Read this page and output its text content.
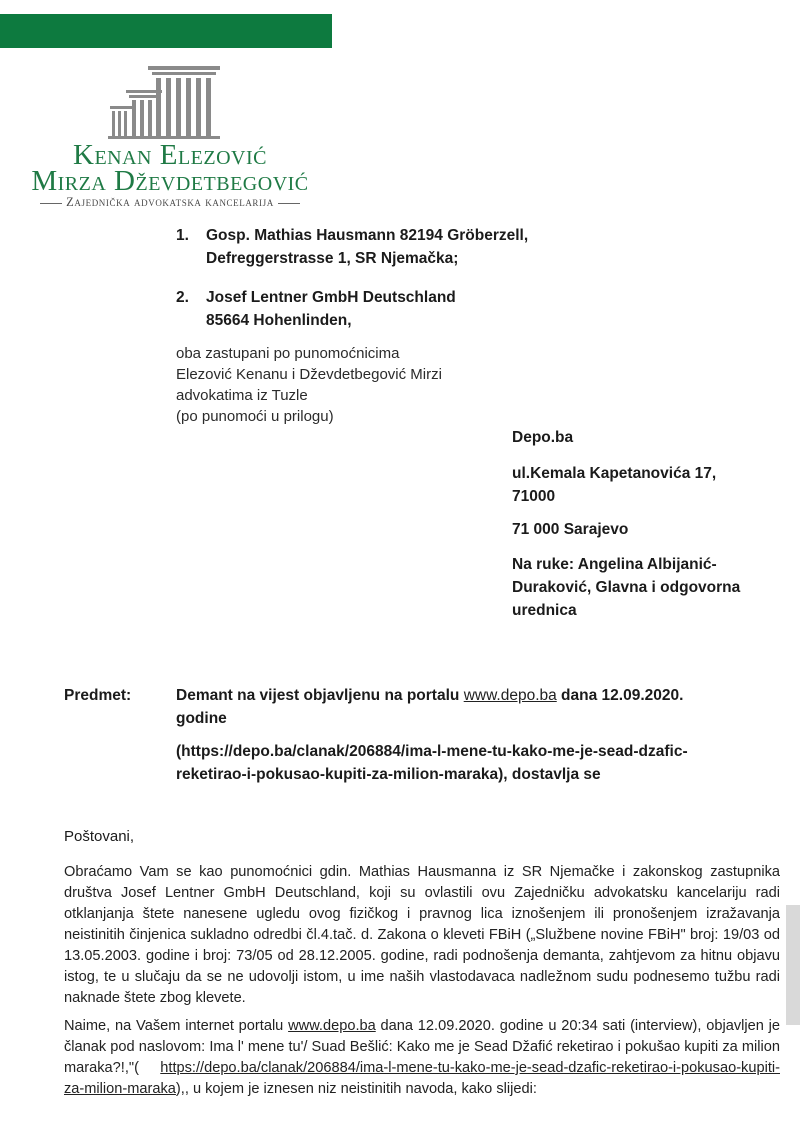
Kenan Elezović
Mirza Dževdetbegović
Zajednička advokatska kancelarija
1. Gosp. Mathias Hausmann 82194 Gröberzell,
Defreggerstrasse 1, SR Njemačka;
2. Josef Lentner GmbH Deutschland
85664 Hohenlinden,
oba zastupani po punomoćnicima
Elezović Kenanu i Dževdetbegović Mirzi
advokatima iz Tuzle
(po punomoći u prilogu)
Depo.ba
ul.Kemala Kapetanovića 17,
71000
71 000 Sarajevo
Na ruke: Angelina Albijanić-
Duraković, Glavna i odgovorna
urednica
Predmet:	Demant na vijest objavljenu na portalu www.depo.ba dana 12.09.2020.
godine
(https://depo.ba/clanak/206884/ima-l-mene-tu-kako-me-je-sead-dzafic-
reketirao-i-pokusao-kupiti-za-milion-maraka), dostavlja se
Poštovani,
Obraćamo Vam se kao punomoćnici gdin. Mathias Hausmanna iz SR Njemačke i zakonskog zastupnika društva Josef Lentner GmbH Deutschland, koji su ovlastili ovu Zajedničku advokatsku kancelariju radi otklanjanja štete nanesene ugledu ovog fizičkog i pravnog lica iznošenjem ili pronošenjem izražavanja neistinitih činjenica sukladno odredbi čl.4.tač. d. Zakona o klevetі FBiH („Službene novine FBiH" broj: 19/03 od 13.05.2003. godine i broj: 73/05 od 28.12.2005. godine, radi podnošenja demanta, zahtjevom za hitnu objavu istog, te u slučaju da se ne udovolji istom, u ime naših vlastodavaca nadležnom sudu podnesemo tužbu radi naknade štete zbog klevete.
Naime, na Vašem internet portalu www.depo.ba dana 12.09.2020. godine u 20:34 sati (interview), objavljen je članak pod naslovom: Ima l' mene tu'/ Suad Bešlić: Kako me je Sead Džafić reketirao i pokušao kupiti za milion maraka?!,"( https://depo.ba/clanak/206884/ima-l-mene-tu-kako-me-je-sead-dzafic-reketirao-i-pokusao-kupiti-za-milion-maraka),, u kojem je iznesen niz neistinitih navoda, kako slijedi:
